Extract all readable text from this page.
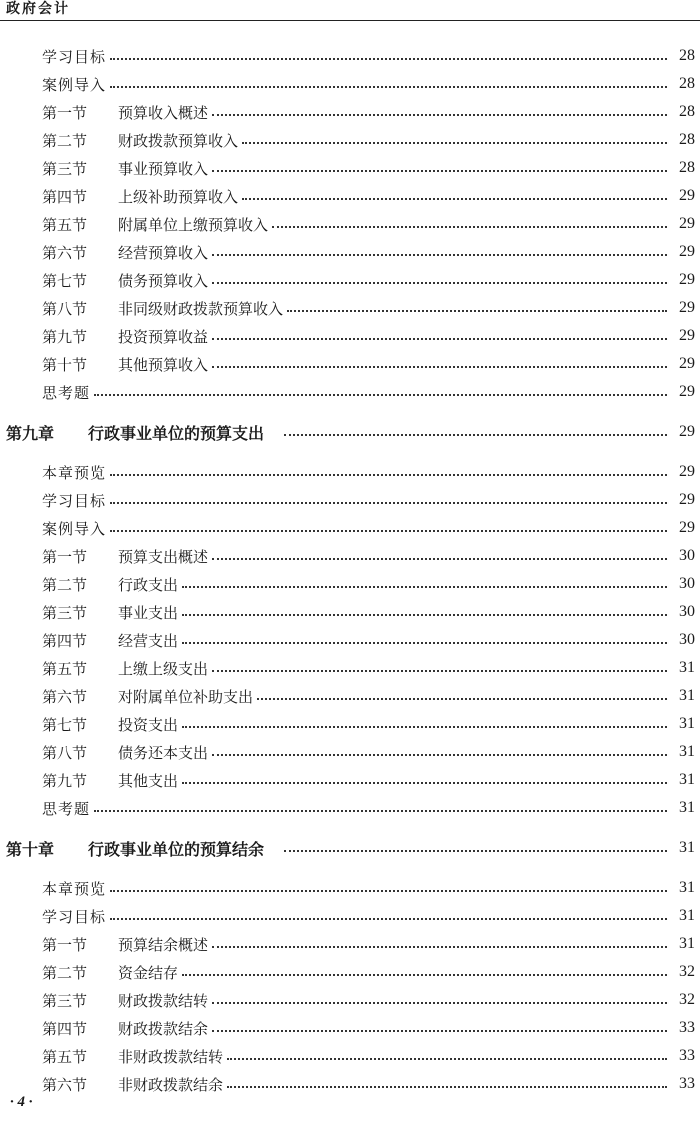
政府会计
学习目标	28
案例导入	28
第一节	预算收入概述	28
第二节	财政拨款预算收入	28
第三节	事业预算收入	28
第四节	上级补助预算收入	29
第五节	附属单位上缴预算收入	29
第六节	经营预算收入	29
第七节	债务预算收入	29
第八节	非同级财政拨款预算收入	29
第九节	投资预算收益	29
第十节	其他预算收入	29
思考题	29
第九章	行政事业单位的预算支出	29
本章预览	29
学习目标	29
案例导入	29
第一节	预算支出概述	30
第二节	行政支出	30
第三节	事业支出	30
第四节	经营支出	30
第五节	上缴上级支出	31
第六节	对附属单位补助支出	31
第七节	投资支出	31
第八节	债务还本支出	31
第九节	其他支出	31
思考题	31
第十章	行政事业单位的预算结余	31
本章预览	31
学习目标	31
第一节	预算结余概述	31
第二节	资金结存	32
第三节	财政拨款结转	32
第四节	财政拨款结余	33
第五节	非财政拨款结转	33
第六节	非财政拨款结余	33
· 4 ·
